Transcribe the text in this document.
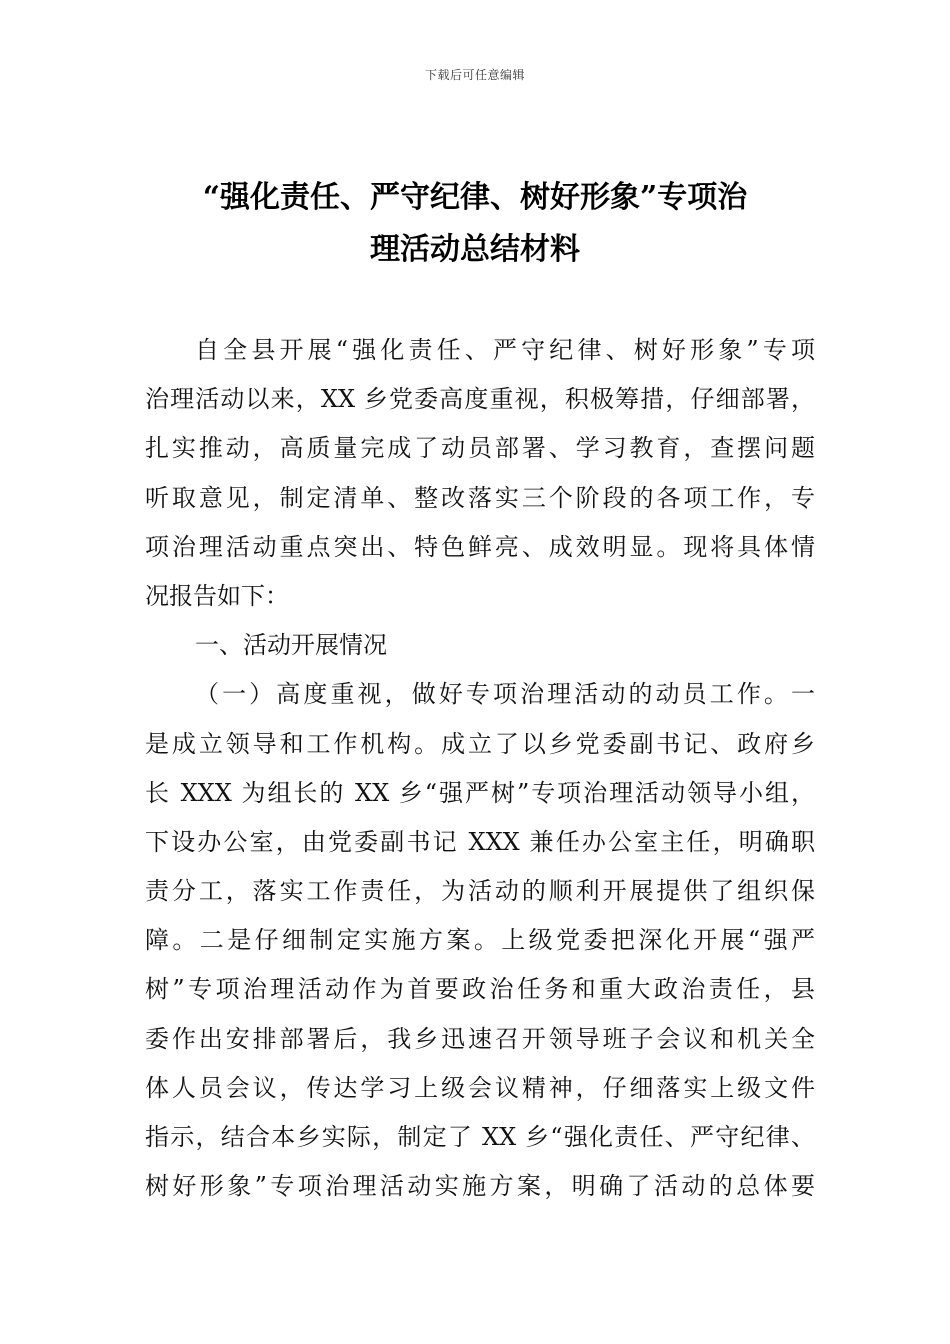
下载后可任意编辑
“强化责任、严守纪律、树好形象”专项治
理活动总结材料
自全县开展“强化责任、严守纪律、树好形象”专项
治理活动以来，XX 乡党委高度重视，积极筹措，仔细部署，
扎实推动，高质量完成了动员部署、学习教育，查摆问题
听取意见，制定清单、整改落实三个阶段的各项工作，专
项治理活动重点突出、特色鲜亮、成效明显。现将具体情
况报告如下：
一、活动开展情况
（一）高度重视，做好专项治理活动的动员工作。一
是成立领导和工作机构。成立了以乡党委副书记、政府乡
长 XXX 为组长的 XX 乡“强严树”专项治理活动领导小组，
下设办公室，由党委副书记 XXX 兼任办公室主任，明确职
责分工，落实工作责任，为活动的顺利开展提供了组织保
障。二是仔细制定实施方案。上级党委把深化开展“强严
树”专项治理活动作为首要政治任务和重大政治责任，县
委作出安排部署后，我乡迅速召开领导班子会议和机关全
体人员会议，传达学习上级会议精神，仔细落实上级文件
指示，结合本乡实际，制定了 XX 乡“强化责任、严守纪律、
树好形象”专项治理活动实施方案，明确了活动的总体要
